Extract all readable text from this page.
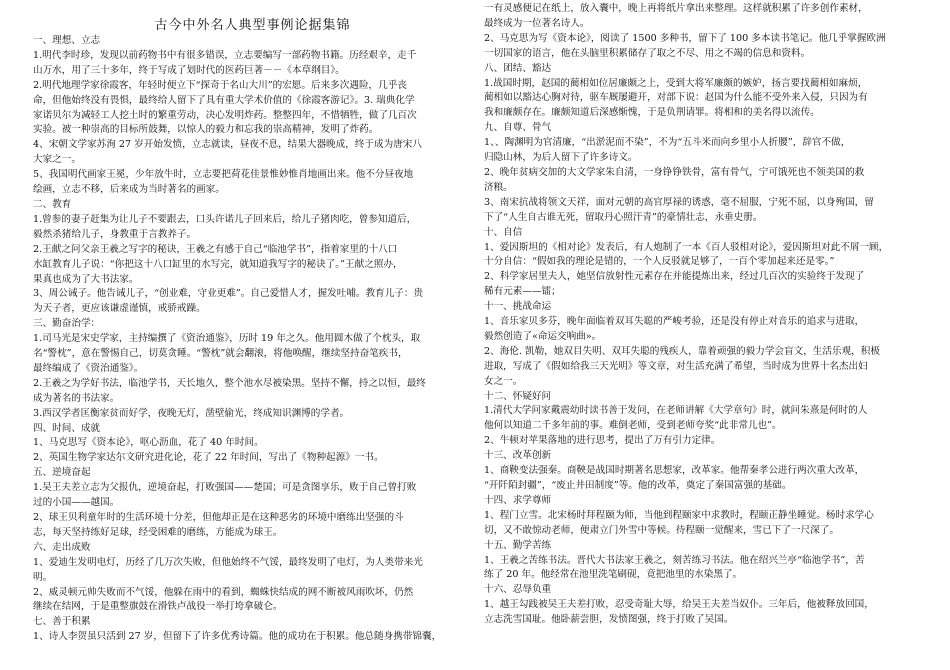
古今中外名人典型事例论据集锦
一、理想、立志
1.明代李时珍，发现以前药物书中有很多错误，立志要编写一部药物书籍。历经艰辛，走千
山万水，用了三十多年，终于写成了划时代的医药巨著－－《本草纲目》。
2.明代地理学家徐霞客，年轻时便立下“探奇于名山大川”的宏愿。后来多次遇险，几乎丧
命，但他始终没有畏惧，最终给人留下了具有重大学术价值的《徐霞客游记》。3. 瑞典化学
家诺贝尔为减轻工人挖土时的繁重劳动，决心发明炸药。整整四年，不惜牺牲，做了几百次
实验。被一种崇高的目标所鼓舞，以惊人的毅力和忘我的崇高精神，发明了炸药。
4、宋朝文学家苏洵 27 岁开始发愤，立志就读，昼夜不息，结果大器晚成，终于成为唐宋八
大家之一。
5、我国明代画家王冕，少年放牛时，立志要把荷花佳景惟妙惟肖地画出来。他不分昼夜地
绘画，立志不移，后来成为当时著名的画家。
二、教育
1.曾参的妻子赶集为让儿子不要跟去，口头许诺儿子回来后，给儿子猪肉吃，曾参知道后，
毅然杀猪给儿子，身教重于言教养子。
2.王献之问父亲王羲之写字的秘诀，王羲之有感于自己“临池学书”，指着家里的十八口
水缸教育儿子说：“你把这十八口缸里的水写完，就知道我写字的秘诀了。”王献之照办，
果真也成为了大书法家。
3、周公诫子。他告诫儿子，“创业难，守业更难”。自己爱惜人才，握发吐哺。教育儿子：贵
为天子者，更应该谦虚谨慎，戒骄戒躁。
三、勤奋治学：
1.司马光是宋史学家，主持编撰了《资治通鉴》，历时 19 年之久。他用圆木做了个枕头，取
名“警枕”，意在警惕自己，切莫贪睡。“警枕”就会翻滚，将他唤醒，继续坚持奋笔疾书，
最终编成了《资治通鉴》。
2.王羲之为学好书法，临池学书，天长地久，整个池水尽被染黑。坚持不懈，持之以恒，最终
成为著名的书法家。
3.西汉学者匡衡家贫而好学，夜晚无灯，凿壁偷光，终成知识渊博的学者。
四、时间、成就
1、马克思写《资本论》，呕心沥血，花了 40 年时间。
2、英国生物学家达尔文研究进化论，花了 22 年时间，写出了《物种起源》一书。
五、逆境奋起
1.吴王夫差立志为父报仇，逆境奋起，打败强国——楚国；可是贪图享乐，败于自己曾打败
过的小国——越国。
2、球王贝利童年时的生活环境十分差，但他却正是在这种恶劣的环境中磨练出坚强的斗
志，每天坚持练好足球，经受困难的磨练，方能成为球王。
六、走出成败
1、爱迪生发明电灯，历经了几万次失败，但他始终不气馁，最终发明了电灯，为人类带来光
明。
2、威灵顿元帅失败而不气馁，他躲在雨中的看到，蜘蛛快结成的网不断被风雨吹坏，仍然
继续在结网，于是重整旗鼓在滑铁卢战役一举打垮拿破仑。
七、善于积累
1、诗人李贺虽只活到 27 岁，但留下了许多优秀诗篇。他的成功在于积累。他总随身携带锦囊，
一有灵感便记在纸上，放入囊中，晚上再将纸片拿出来整理。这样就积累了许多创作素材，
最终成为一位著名诗人。
2、马克思为写《资本论》，阅读了 1500 多种书，留下了 100 多本读书笔记。他几乎掌握欧洲
一切国家的语言，他在头脑里积累储存了取之不尽、用之不竭的信息和资料。
八、团结、豁达
1.战国时期，赵国的蔺相如位居廉颇之上，受到大将军廉颇的嫉妒，扬言要找蔺相如麻烦，
蔺相如以豁达心胸对待，驱车厩屡避开，对部下说：赵国为什么能不受外来入侵，只因为有
我和廉颇存在。廉颇知道后深感惭愧，于是负荆请罪。将相和的美名得以流传。
九、自尊、骨气
1、、陶渊明为官清廉，“出淤泥而不染”，不为“五斗米而向乡里小人折腰”，辞官不做，
归隐山林，为后人留下了许多诗文。
2、晚年贫病交加的大文学家朱自清，一身铮铮铁骨，富有骨气，宁可饿死也不领美国的救
济粮。
3、南宋抗战将领文天祥，面对元朝的高官厚禄的诱惑，毫不屈服，宁死不屈，以身殉国，留
下了“人生自古谁无死，留取丹心照汗青”的豪情壮志，永垂史册。
十、自信
1、爱因斯坦的《相对论》发表后，有人炮制了一本《百人驳相对论》，爱因斯坦对此不屑一顾，
十分自信：“假如我的理论是错的，一个人反驳就足够了，一百个零加起来还是零。”
2、科学家居里夫人，她坚信放射性元素存在并能提炼出来，经过几百次的实验终于发现了
稀有元素——镭；
十一、挑战命运
1、音乐家贝多芬，晚年面临着双耳失聪的严峻考验，还是没有停止对音乐的追求与进取，
毅然创造了«命运交响曲»。
2、海伦. 凯勒，她双目失明、双耳失聪的残疾人，靠着顽强的毅力学会盲文，生活乐观，积极
进取，写成了《假如给我三天光明》等文章，对生活充满了希望，当时成为世界十名杰出妇
女之一。
十二、怀疑好问
1.清代大学问家戴震幼时读书善于发问，在老师讲解《大学章句》时，就问朱熹是何时的人
他何以知道二千多年前的事。难倒老师，受到老师夸奖“此非常儿也”。
2、牛顿对苹果落地的进行思考，提出了万有引力定律。
十三、改革创新
1、商鞅变法强秦。商鞅是战国时期著名思想家，改革家。他帮秦孝公进行两次重大改革，
“开阡陌封疆”，“废止井田制度”等。他的改革，奠定了秦国富强的基础。
十四、求学尊师
1、程门立雪。北宋杨时拜程颐为师，当他到程颐家中求教时，程颐正静坐睡觉。杨时求学心
切，又不敢惊动老师，便肃立门外雪中等候。待程颐一觉醒来，雪已下了一尺深了。
十五、勤学苦练
1、王羲之苦练书法。晋代大书法家王羲之，刻苦练习书法。他在绍兴兰亭“临池学书”，苦
练了 20 年。他经常在池里洗笔刷砚，竟把池里的水染黑了。
十六、忍辱负重
1、越王勾践被吴王夫差打败，忍受奇耻大辱，给吴王夫差当奴仆。三年后，他被释放回国，
立志洗雪国耻。他卧薪尝胆，发愤图强，终于打败了吴国。
